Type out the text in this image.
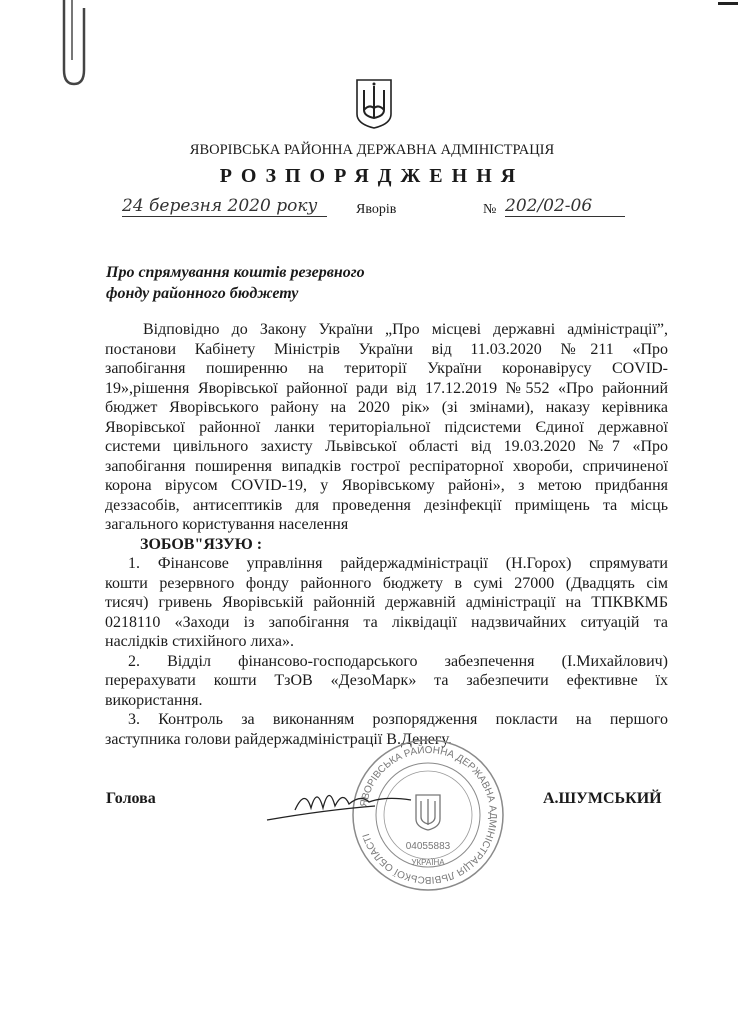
ЯВОРІВСЬКА РАЙОННА ДЕРЖАВНА АДМІНІСТРАЦІЯ
РОЗПОРЯДЖЕННЯ
24 березня 2020 року	Яворів	№ 202/02-06
Про спрямування коштів резервного
фонду районного бюджету
Відповідно до Закону України „Про місцеві державні адміністрації”,
постанови Кабінету Міністрів України від 11.03.2020 №211 «Про
запобігання поширенню на території України коронавірусу COVID-
19»,рішення Яворівської районної ради від 17.12.2019 №552 «Про районний
бюджет Яворівського району на 2020 рік» (зі змінами), наказу керівника
Яворівської районної ланки територіальної підсистеми Єдиної державної
системи цивільного захисту Львівської області від 19.03.2020 №7 «Про
запобігання поширення випадків гострої респіраторної хвороби, спричиненої
корона вірусом COVID-19, у Яворівському районі», з метою придбання
деззасобів, антисептиків для проведення дезінфекції приміщень та місць
загального користування населення
ЗОБОВ"ЯЗУЮ :
1. Фінансове управління райдержадміністрації (Н.Горох) спрямувати
кошти резервного фонду районного бюджету в сумі 27000 (Двадцять сім
тисяч) гривень Яворівській районній державній адміністрації на ТПКВКМБ
0218110 «Заходи із запобігання та ліквідації надзвичайних ситуацій та
наслідків стихійного лиха».
2. Відділ фінансово-господарського забезпечення (І.Михайлович)
перерахувати кошти ТзОВ «ДезоМарк» та забезпечити ефективне їх
використання.
3. Контроль за виконанням розпорядження покласти на першого
заступника голови райдержадміністрації В.Денегу.
ЯВОРІВСЬКА РАЙОННА ДЕРЖАВНА АДМІНІСТРАЦІЯ ЛЬВІВСЬКОЇ ОБЛАСТІ
04055883
УКРАЇНА
Голова	А.ШУМСЬКИЙ
